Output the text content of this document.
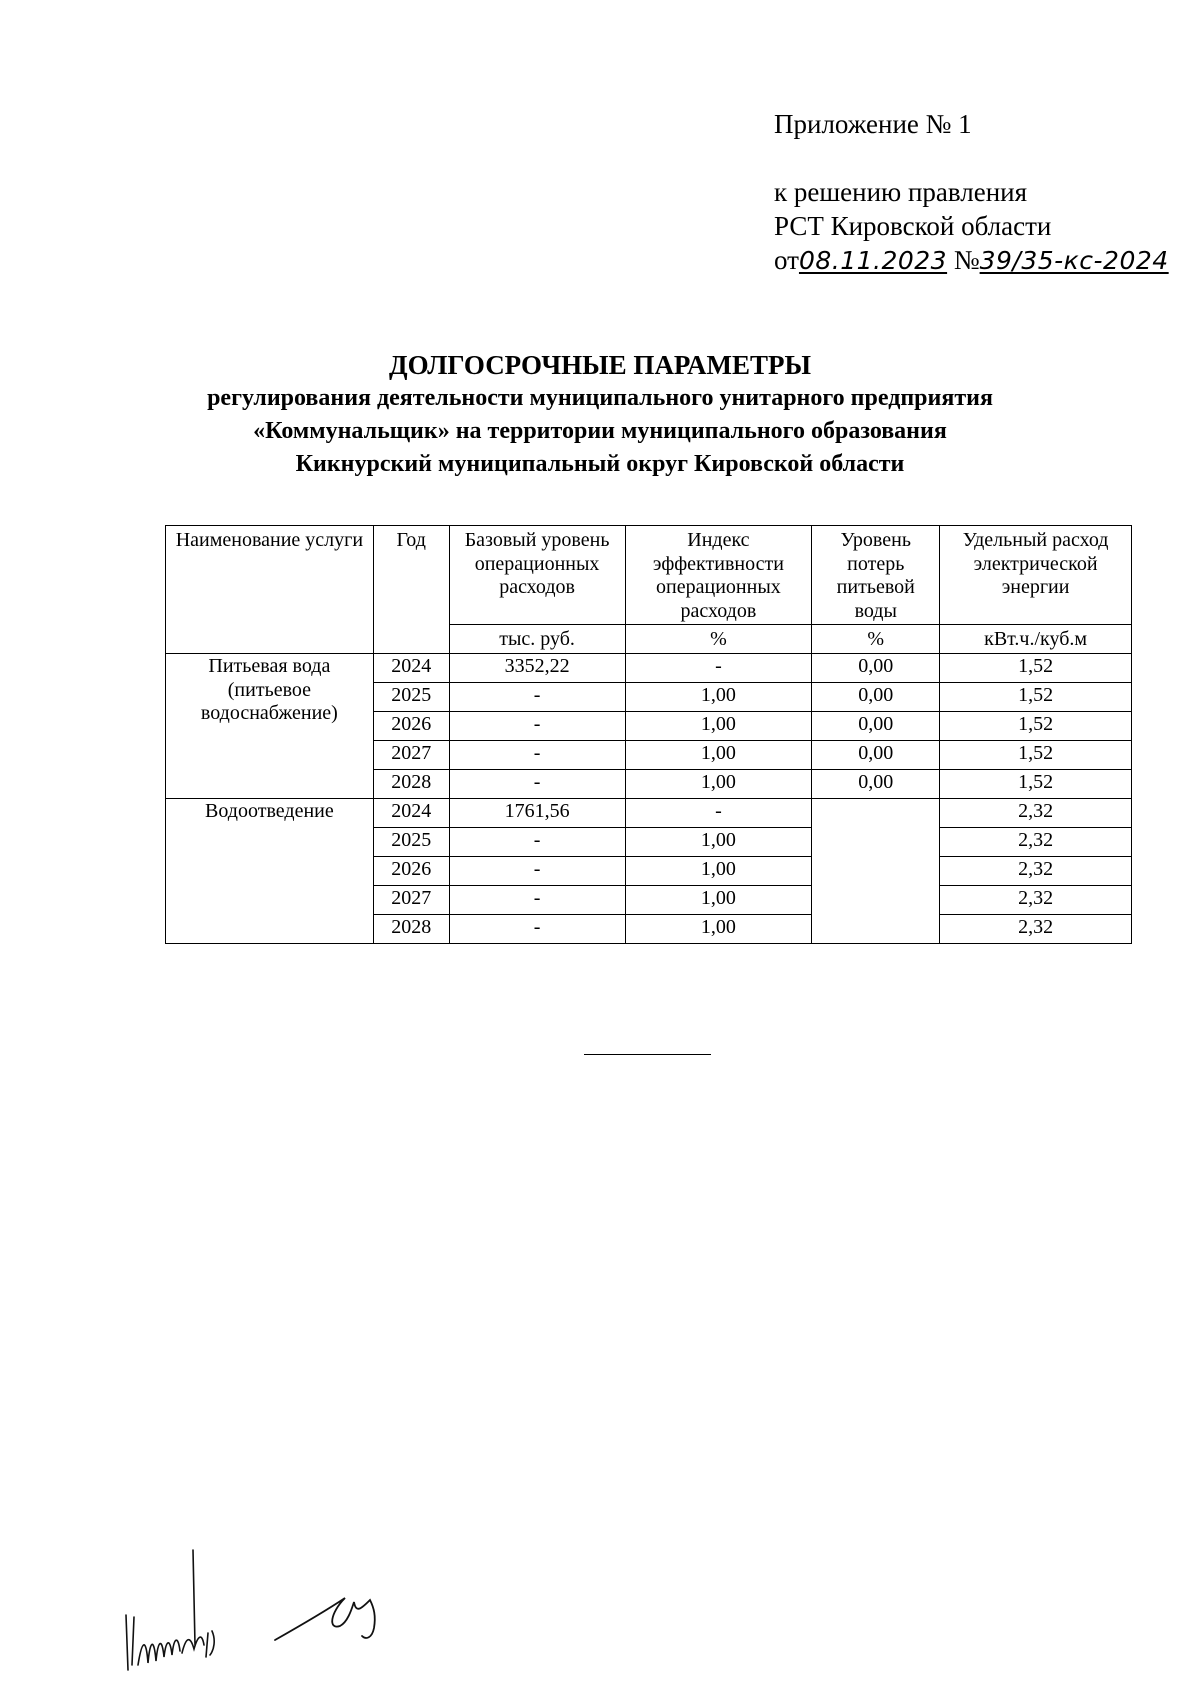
Приложение № 1
к решению правления
РСТ Кировской области
от08.11.2023 №39/35-кс-2024
ДОЛГОСРОЧНЫЕ ПАРАМЕТРЫ
регулирования деятельности муниципального унитарного предприятия
«Коммунальщик» на территории муниципального образования
Кикнурский муниципальный округ Кировской области
Наименование услуги	Год	Базовый уровень операционных расходов	Индекс эффективности операционных расходов	Уровень потерь питьевой воды	Удельный расход электрической энергии
		тыс. руб.	%	%	кВт.ч./куб.м
Питьевая вода (питьевое водоснабжение)	2024	3352,22	-	0,00	1,52
	2025	-	1,00	0,00	1,52
	2026	-	1,00	0,00	1,52
	2027	-	1,00	0,00	1,52
	2028	-	1,00	0,00	1,52
Водоотведение	2024	1761,56	-		2,32
	2025	-	1,00		2,32
	2026	-	1,00		2,32
	2027	-	1,00		2,32
	2028	-	1,00		2,32
